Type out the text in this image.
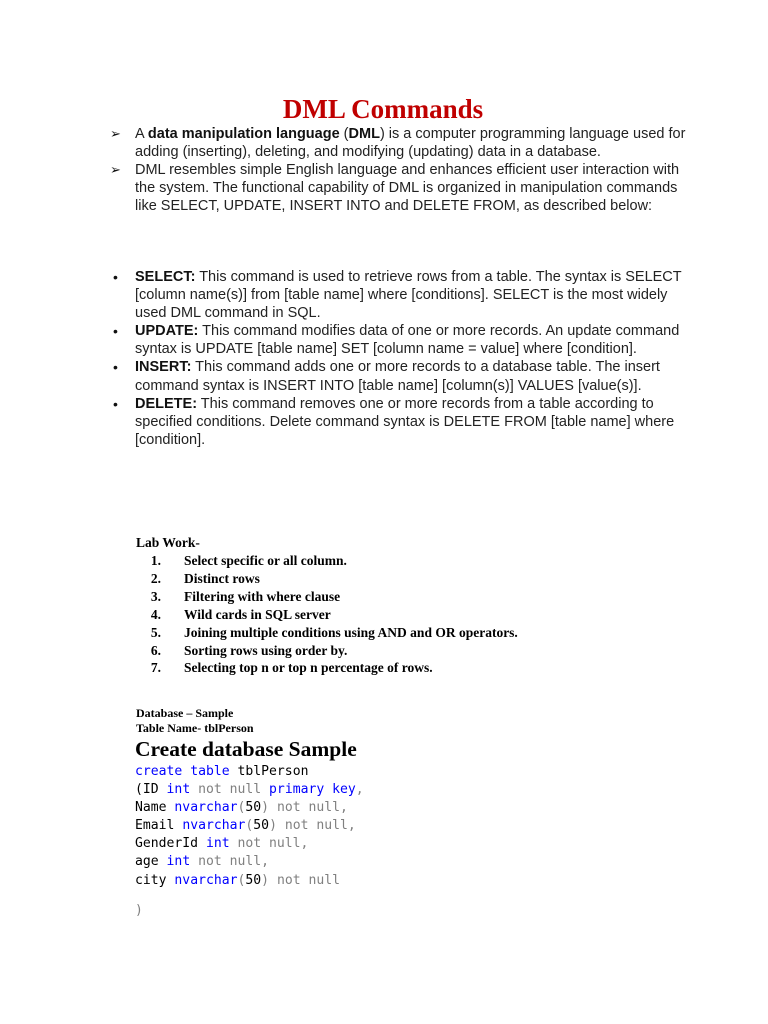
DML Commands
➢ A data manipulation language (DML) is a computer programming language used for adding (inserting), deleting, and modifying (updating) data in a database.
➢ DML resembles simple English language and enhances efficient user interaction with the system. The functional capability of DML is organized in manipulation commands like SELECT, UPDATE, INSERT INTO and DELETE FROM, as described below:
• SELECT: This command is used to retrieve rows from a table. The syntax is SELECT [column name(s)] from [table name] where [conditions]. SELECT is the most widely used DML command in SQL.
• UPDATE: This command modifies data of one or more records. An update command syntax is UPDATE [table name] SET [column name = value] where [condition].
• INSERT: This command adds one or more records to a database table. The insert command syntax is INSERT INTO [table name] [column(s)] VALUES [value(s)].
• DELETE: This command removes one or more records from a table according to specified conditions. Delete command syntax is DELETE FROM [table name] where [condition].
Lab Work-
1. Select specific or all column.
2. Distinct rows
3. Filtering with where clause
4. Wild cards in SQL server
5. Joining multiple conditions using AND and OR operators.
6. Sorting rows using order by.
7. Selecting top n or top n percentage of rows.
Database – Sample
Table Name- tblPerson
Create database Sample
create table tblPerson
(ID int not null primary key,
Name nvarchar(50) not null,
Email nvarchar(50) not null,
GenderId int not null,
age int not null,
city nvarchar(50) not null
)
